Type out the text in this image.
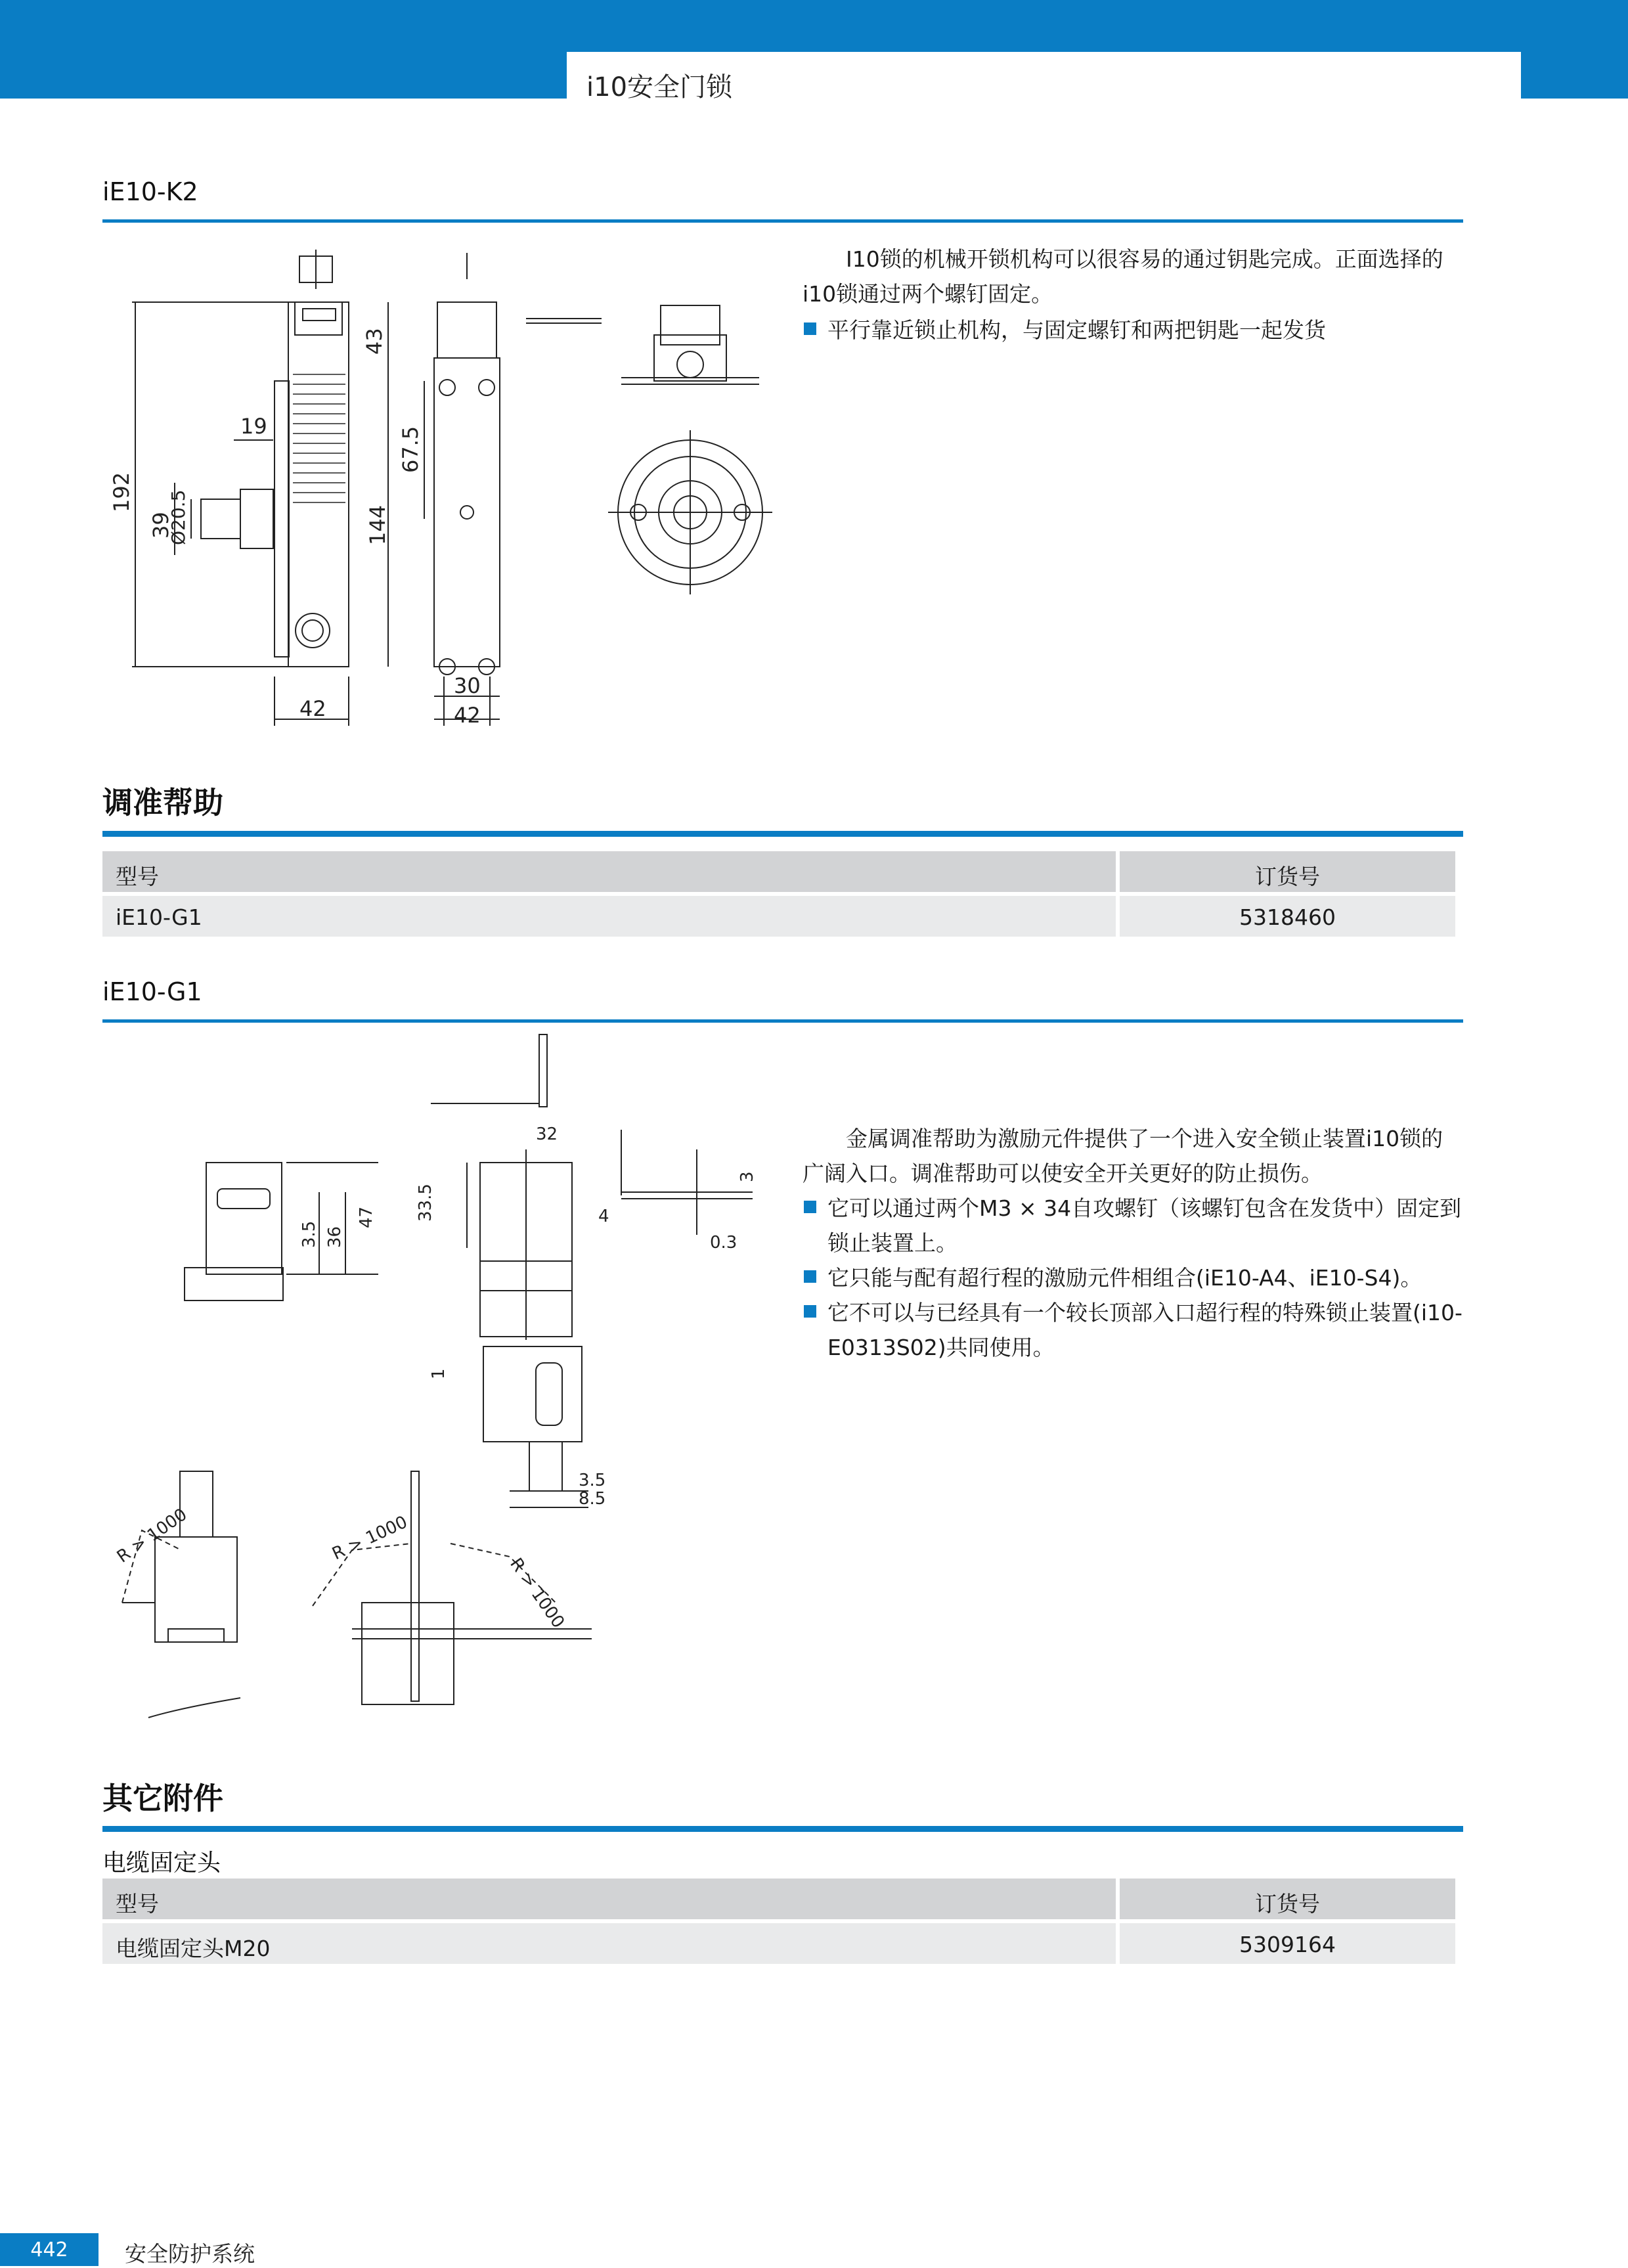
i10安全门锁
iE10-K2
43
19
192
39
Ø20.5	144
67.5
42
30
42

I10锁的机械开锁机构可以很容易的通过钥匙完成。正面选择的i10锁通过两个螺钉固定。

平行靠近锁止机构，与固定螺钉和两把钥匙一起发货
调准帮助
型号	订货号
iE10-G1	5318460
iE10-G1
32
3
33.5	4
0.3
3.5 36
47
1
3.5
8.5
R > 1000	R > 1000
R > 1000

金属调准帮助为激励元件提供了一个进入安全锁止装置i10锁的广阔入口。调准帮助可以使安全开关更好的防止损伤。

它可以通过两个M3 × 34自攻螺钉（该螺钉包含在发货中）固定到锁止装置上。
它只能与配有超行程的激励元件相组合(iE10-A4、iE10-S4)。
它不可以与已经具有一个较长顶部入口超行程的特殊锁止装置(i10-E0313S02)共同使用。
其它附件
电缆固定头
型号	订货号
电缆固定头M20	5309164
442	安全防护系统
